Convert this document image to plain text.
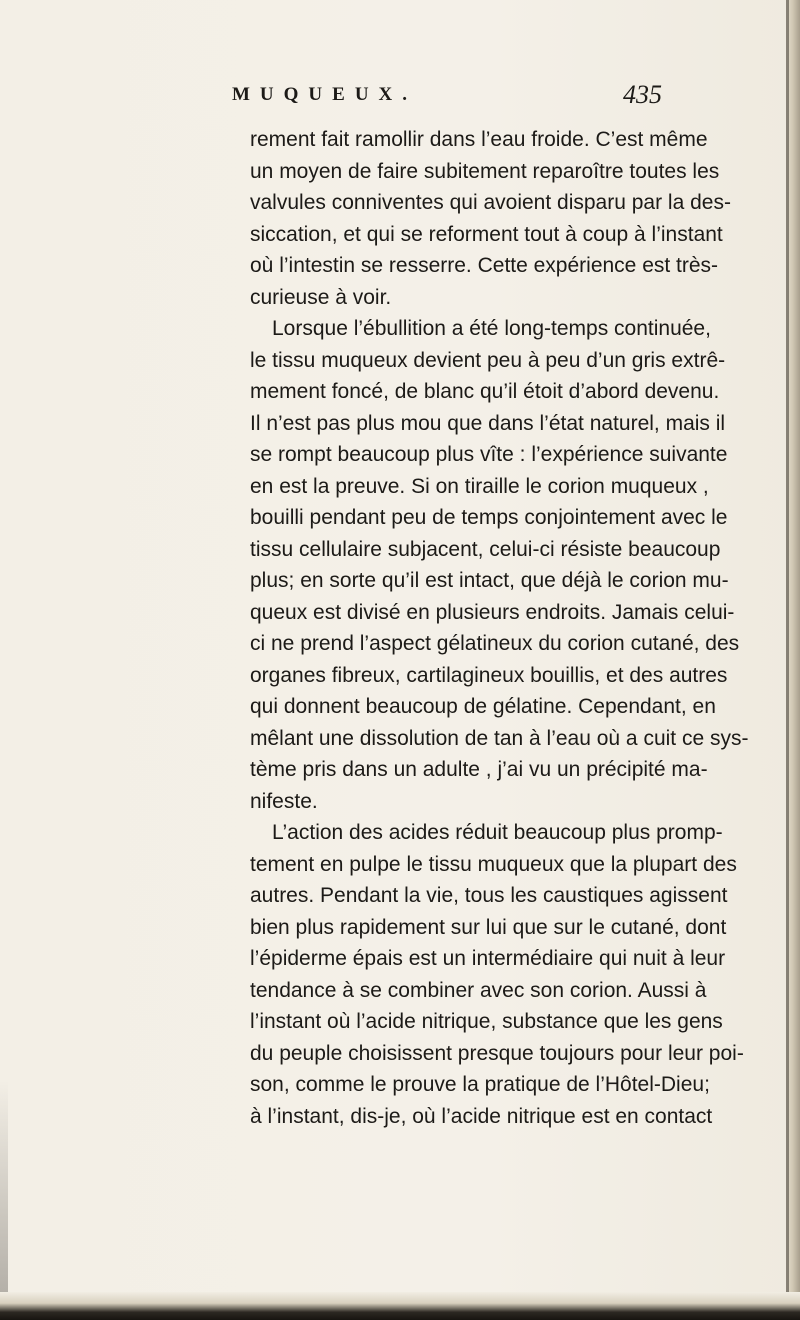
MUQUEUX.	435
rement fait ramollir dans l’eau froide. C’est même
un moyen de faire subitement reparoître toutes les
valvules conniventes qui avoient disparu par la des-
siccation, et qui se reforment tout à coup à l’instant
où l’intestin se resserre. Cette expérience est très-
curieuse à voir.
Lorsque l’ébullition a été long-temps continuée,
le tissu muqueux devient peu à peu d’un gris extrê-
mement foncé, de blanc qu’il étoit d’abord devenu.
Il n’est pas plus mou que dans l’état naturel, mais il
se rompt beaucoup plus vîte : l’expérience suivante
en est la preuve. Si on tiraille le corion muqueux ,
bouilli pendant peu de temps conjointement avec le
tissu cellulaire subjacent, celui-ci résiste beaucoup
plus; en sorte qu’il est intact, que déjà le corion mu-
queux est divisé en plusieurs endroits. Jamais celui-
ci ne prend l’aspect gélatineux du corion cutané, des
organes fibreux, cartilagineux bouillis, et des autres
qui donnent beaucoup de gélatine. Cependant, en
mêlant une dissolution de tan à l’eau où a cuit ce sys-
tème pris dans un adulte , j’ai vu un précipité ma-
nifeste.
L’action des acides réduit beaucoup plus promp-
tement en pulpe le tissu muqueux que la plupart des
autres. Pendant la vie, tous les caustiques agissent
bien plus rapidement sur lui que sur le cutané, dont
l’épiderme épais est un intermédiaire qui nuit à leur
tendance à se combiner avec son corion. Aussi à
l’instant où l’acide nitrique, substance que les gens
du peuple choisissent presque toujours pour leur poi-
son, comme le prouve la pratique de l’Hôtel-Dieu;
à l’instant, dis-je, où l’acide nitrique est en contact
